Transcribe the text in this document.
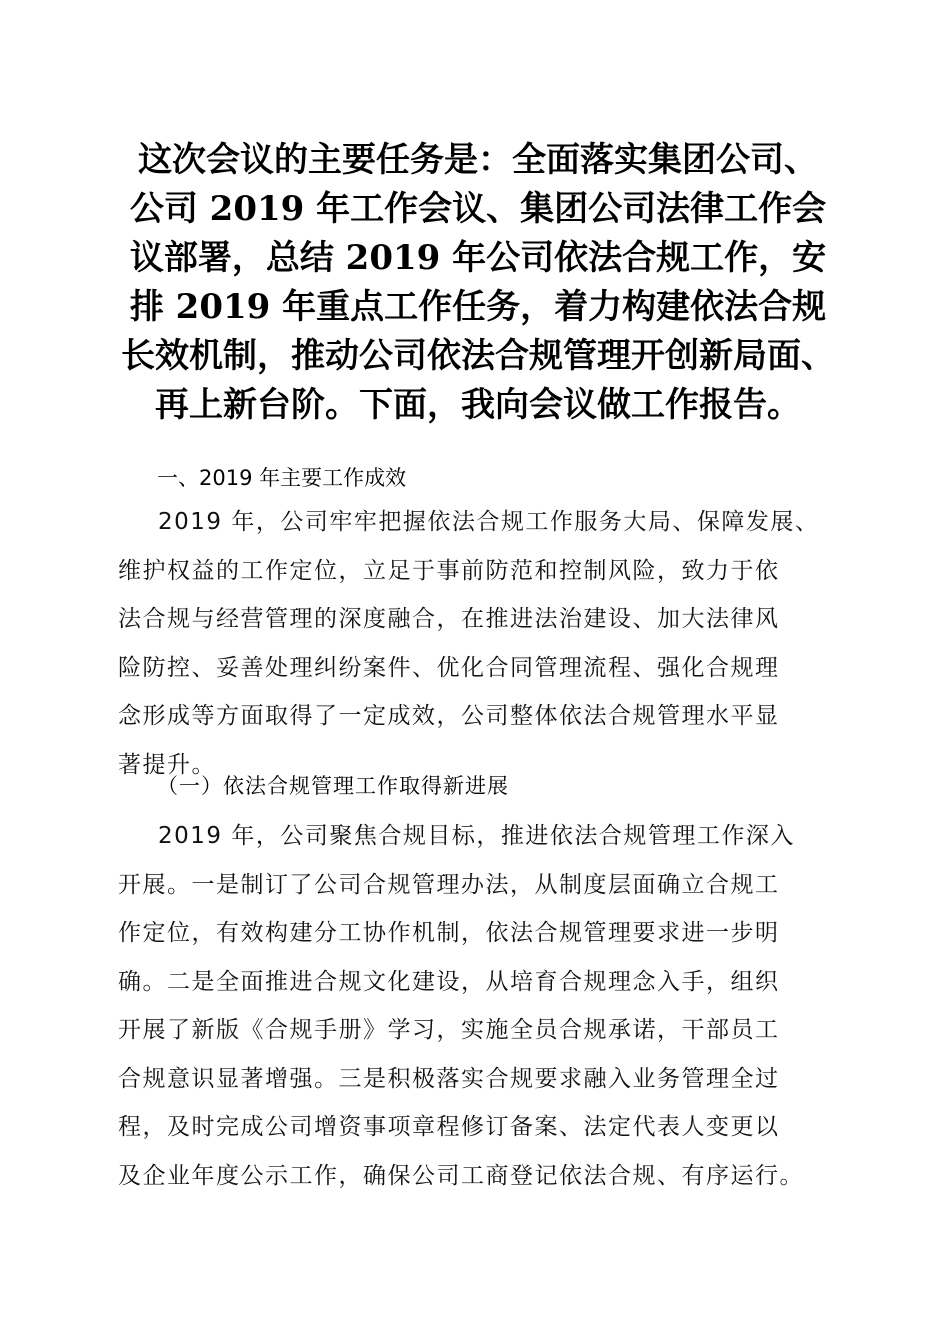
这次会议的主要任务是：全面落实集团公司、
公司 2019 年工作会议、集团公司法律工作会
议部署，总结 2019 年公司依法合规工作，安
排 2019 年重点工作任务，着力构建依法合规
长效机制，推动公司依法合规管理开创新局面、
再上新台阶。下面，我向会议做工作报告。
一、2019 年主要工作成效
2019 年，公司牢牢把握依法合规工作服务大局、保障发展、
维护权益的工作定位，立足于事前防范和控制风险，致力于依
法合规与经营管理的深度融合，在推进法治建设、加大法律风
险防控、妥善处理纠纷案件、优化合同管理流程、强化合规理
念形成等方面取得了一定成效，公司整体依法合规管理水平显
著提升。
（一）依法合规管理工作取得新进展
2019 年，公司聚焦合规目标，推进依法合规管理工作深入
开展。一是制订了公司合规管理办法，从制度层面确立合规工
作定位，有效构建分工协作机制，依法合规管理要求进一步明
确。二是全面推进合规文化建设，从培育合规理念入手，组织
开展了新版《合规手册》学习，实施全员合规承诺，干部员工
合规意识显著增强。三是积极落实合规要求融入业务管理全过
程，及时完成公司增资事项章程修订备案、法定代表人变更以
及企业年度公示工作，确保公司工商登记依法合规、有序运行。
